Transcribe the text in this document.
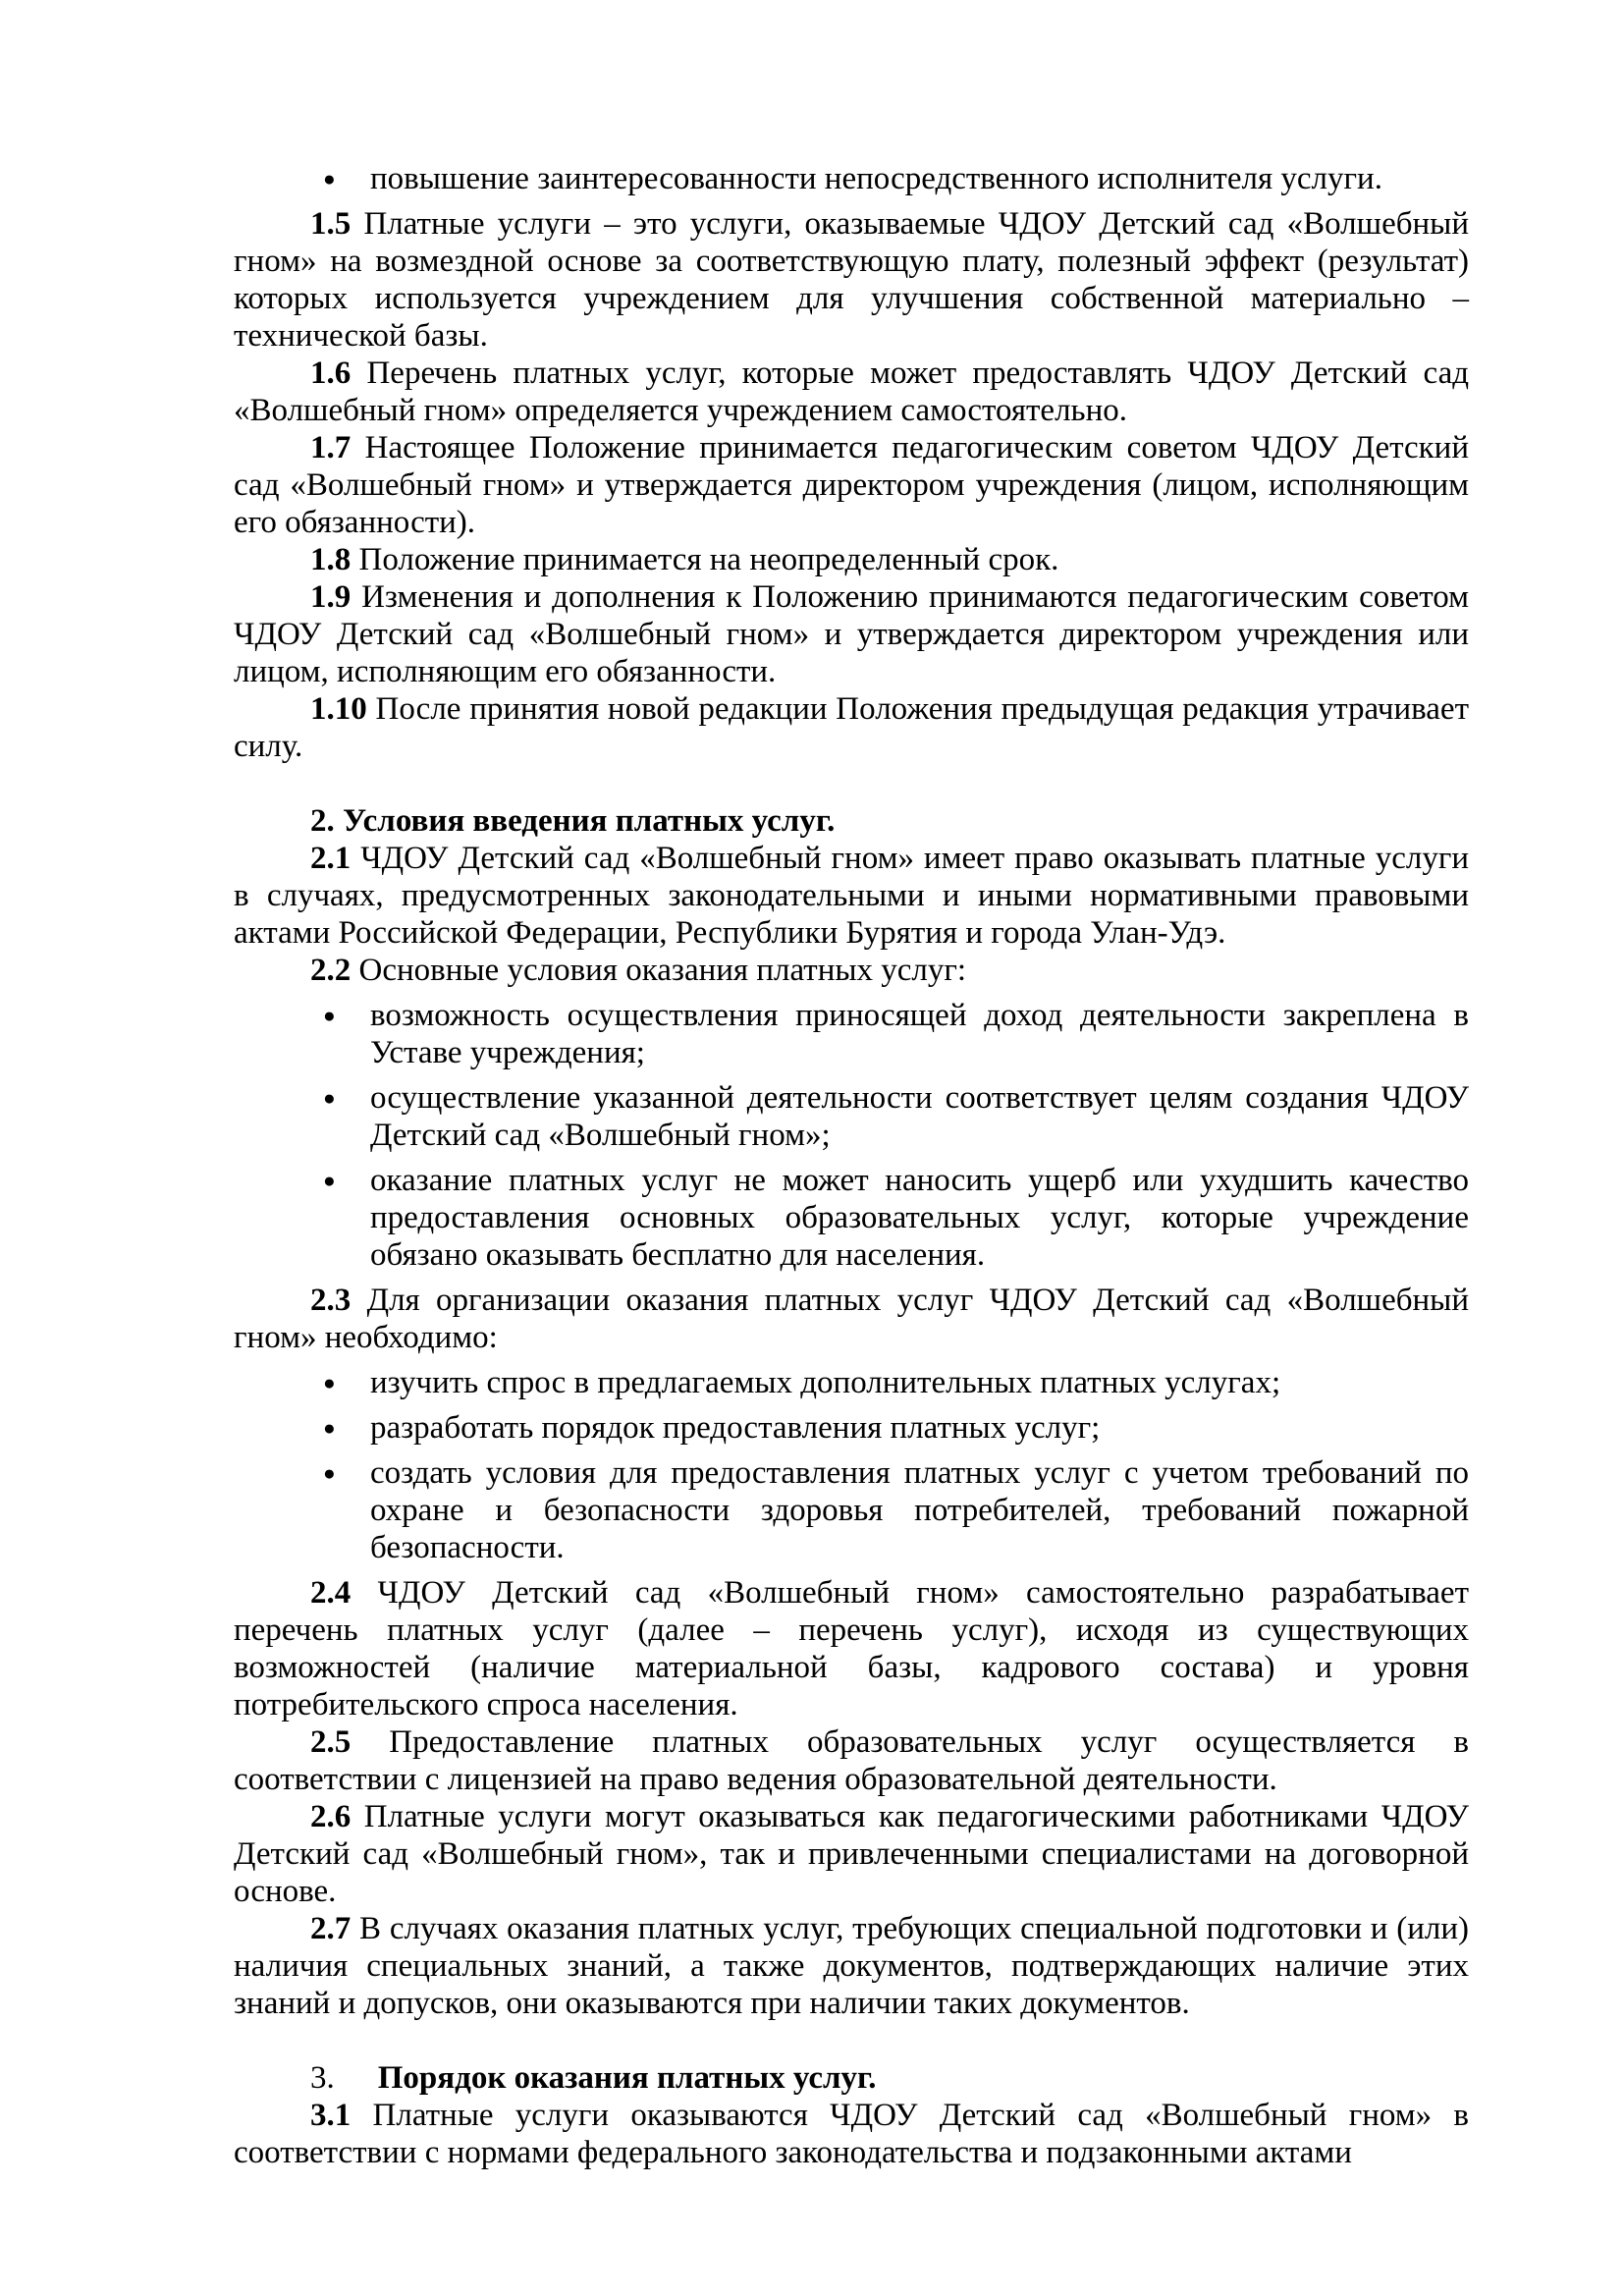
● повышение заинтересованности непосредственного исполнителя услуги.

1.5 Платные услуги – это услуги, оказываемые ЧДОУ Детский сад «Волшебный гном» на возмездной основе за соответствующую плату, полезный эффект (результат) которых используется учреждением для улучшения собственной материально – технической базы.

1.6 Перечень платных услуг, которые может предоставлять ЧДОУ Детский сад «Волшебный гном» определяется учреждением самостоятельно.

1.7 Настоящее Положение принимается педагогическим советом ЧДОУ Детский сад «Волшебный гном» и утверждается директором учреждения (лицом, исполняющим его обязанности).

1.8 Положение принимается на неопределенный срок.

1.9 Изменения и дополнения к Положению принимаются педагогическим советом ЧДОУ Детский сад «Волшебный гном» и утверждается директором учреждения или лицом, исполняющим его обязанности.

1.10 После принятия новой редакции Положения предыдущая редакция утрачивает силу.

2. Условия введения платных услуг.

2.1 ЧДОУ Детский сад «Волшебный гном» имеет право оказывать платные услуги в случаях, предусмотренных законодательными и иными нормативными правовыми актами Российской Федерации, Республики Бурятия и города Улан-Удэ.

2.2 Основные условия оказания платных услуг:

● возможность осуществления приносящей доход деятельности закреплена в Уставе учреждения;
● осуществление указанной деятельности соответствует целям создания ЧДОУ Детский сад «Волшебный гном»;
● оказание платных услуг не может наносить ущерб или ухудшить качество предоставления основных образовательных услуг, которые учреждение обязано оказывать бесплатно для населения.

2.3 Для организации оказания платных услуг ЧДОУ Детский сад «Волшебный гном» необходимо:

● изучить спрос в предлагаемых дополнительных платных услугах;
● разработать порядок предоставления платных услуг;
● создать условия для предоставления платных услуг с учетом требований по охране и безопасности здоровья потребителей, требований пожарной безопасности.

2.4 ЧДОУ Детский сад «Волшебный гном» самостоятельно разрабатывает перечень платных услуг (далее – перечень услуг), исходя из существующих возможностей (наличие материальной базы, кадрового состава) и уровня потребительского спроса населения.

2.5 Предоставление платных образовательных услуг осуществляется в соответствии с лицензией на право ведения образовательной деятельности.

2.6 Платные услуги могут оказываться как педагогическими работниками ЧДОУ Детский сад «Волшебный гном», так и привлеченными специалистами на договорной основе.

2.7 В случаях оказания платных услуг, требующих специальной подготовки и (или) наличия специальных знаний, а также документов, подтверждающих наличие этих знаний и допусков, они оказываются при наличии таких документов.

3. Порядок оказания платных услуг.

3.1 Платные услуги оказываются ЧДОУ Детский сад «Волшебный гном» в соответствии с нормами федерального законодательства и подзаконными актами
